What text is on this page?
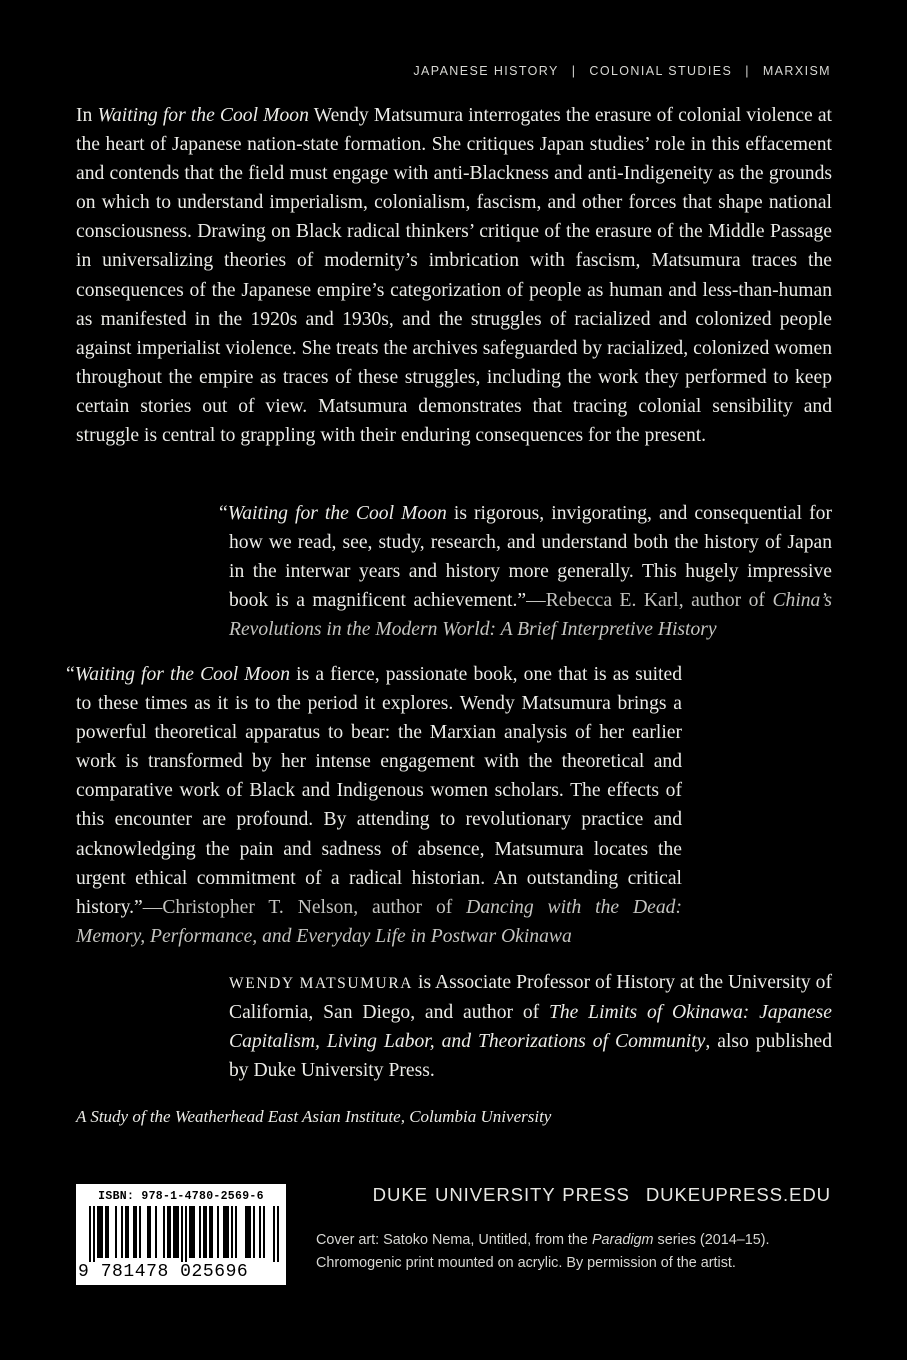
JAPANESE HISTORY | COLONIAL STUDIES | MARXISM
In Waiting for the Cool Moon Wendy Matsumura interrogates the erasure of colonial violence at the heart of Japanese nation-state formation. She critiques Japan studies’ role in this effacement and contends that the field must engage with anti-Blackness and anti-Indigeneity as the grounds on which to understand imperialism, colonialism, fascism, and other forces that shape national consciousness. Drawing on Black radical thinkers’ critique of the erasure of the Middle Passage in universalizing theories of modernity’s imbrication with fascism, Matsumura traces the consequences of the Japanese empire’s categorization of people as human and less-than-human as manifested in the 1920s and 1930s, and the struggles of racialized and colonized people against imperialist violence. She treats the archives safeguarded by racialized, colonized women throughout the empire as traces of these struggles, including the work they performed to keep certain stories out of view. Matsumura demonstrates that tracing colonial sensibility and struggle is central to grappling with their enduring consequences for the present.
“Waiting for the Cool Moon is rigorous, invigorating, and consequential for how we read, see, study, research, and understand both the history of Japan in the interwar years and history more generally. This hugely impressive book is a magnificent achievement.”—Rebecca E. Karl, author of China’s Revolutions in the Modern World: A Brief Interpretive History
“Waiting for the Cool Moon is a fierce, passionate book, one that is as suited to these times as it is to the period it explores. Wendy Matsumura brings a powerful theoretical apparatus to bear: the Marxian analysis of her earlier work is transformed by her intense engagement with the theoretical and comparative work of Black and Indigenous women scholars. The effects of this encounter are profound. By attending to revolutionary practice and acknowledging the pain and sadness of absence, Matsumura locates the urgent ethical commitment of a radical historian. An outstanding critical history.”—Christopher T. Nelson, author of Dancing with the Dead: Memory, Performance, and Everyday Life in Postwar Okinawa
WENDY MATSUMURA is Associate Professor of History at the University of California, San Diego, and author of The Limits of Okinawa: Japanese Capitalism, Living Labor, and Theorizations of Community, also published by Duke University Press.
A Study of the Weatherhead East Asian Institute, Columbia University
ISBN: 978-1-4780-2569-6
9 781478 025696
DUKE UNIVERSITY PRESS DUKEUPRESS.EDU
Cover art: Satoko Nema, Untitled, from the Paradigm series (2014–15). Chromogenic print mounted on acrylic. By permission of the artist.
